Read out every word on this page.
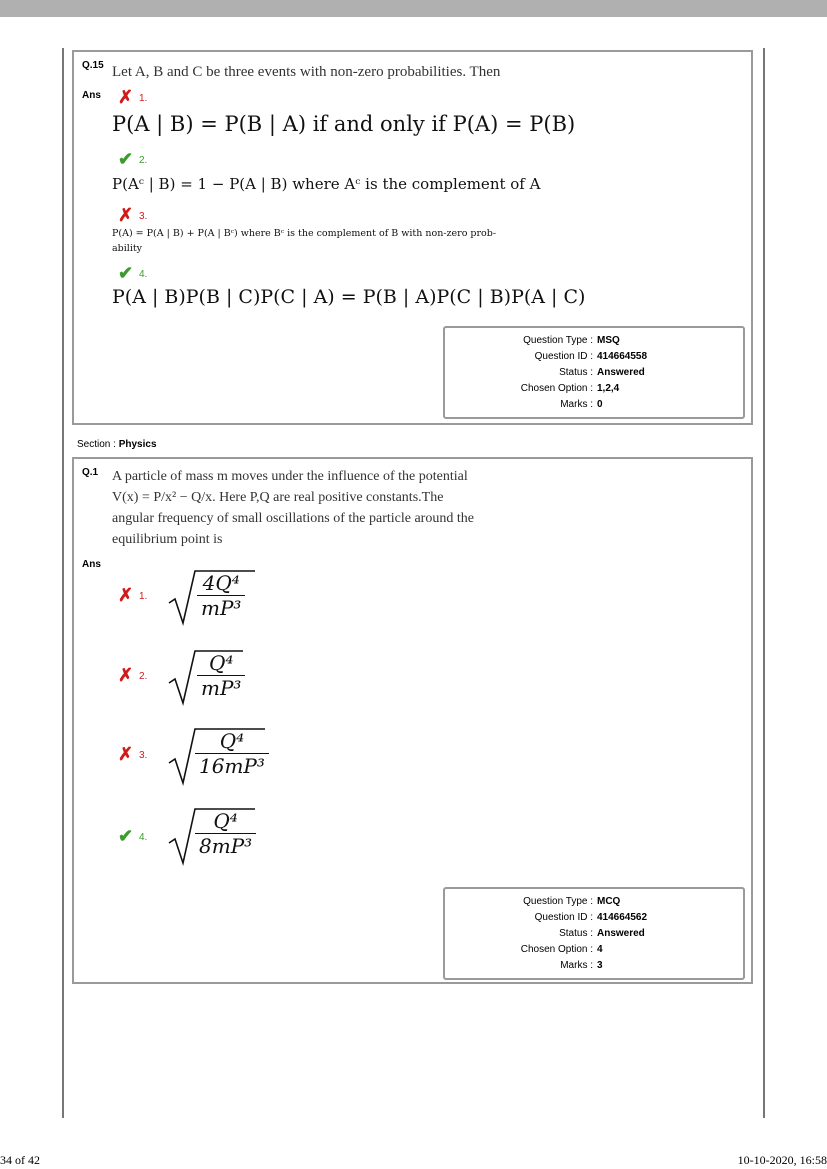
Q.15 Let A, B and C be three events with non-zero probabilities. Then
Ans ✗ 1.
P(A | B) = P(B | A) if and only if P(A) = P(B)
✔ 2.
P(Aᶜ | B) = 1 − P(A | B) where Aᶜ is the complement of A
✗ 3.
P(A) = P(A | B) + P(A | Bᶜ) where Bᶜ is the complement of B with non-zero prob-
ability
✔ 4.
P(A | B)P(B | C)P(C | A) = P(B | A)P(C | B)P(A | C)
Question Type : MSQ
Question ID : 414664558
Status : Answered
Chosen Option : 1,2,4
Marks : 0
Section : Physics
Q.1 A particle of mass m moves under the influence of the potential
V(x) = P/x² − Q/x. Here P,Q are real positive constants.The
angular frequency of small oscillations of the particle around the
equilibrium point is
Ans
✗ 1. $\frac{\text{4Q⁴}}{\text{mP³}}$
✗ 2. $\frac{\text{Q⁴}}{\text{mP³}}$
✗ 3. $\frac{\text{Q⁴}}{\text{16mP³}}$
✔ 4. $\frac{\text{Q⁴}}{\text{8mP³}}$
Question Type : MCQ
Question ID : 414664562
Status : Answered
Chosen Option : 4
Marks : 3
34 of 42	10-10-2020, 16:58
